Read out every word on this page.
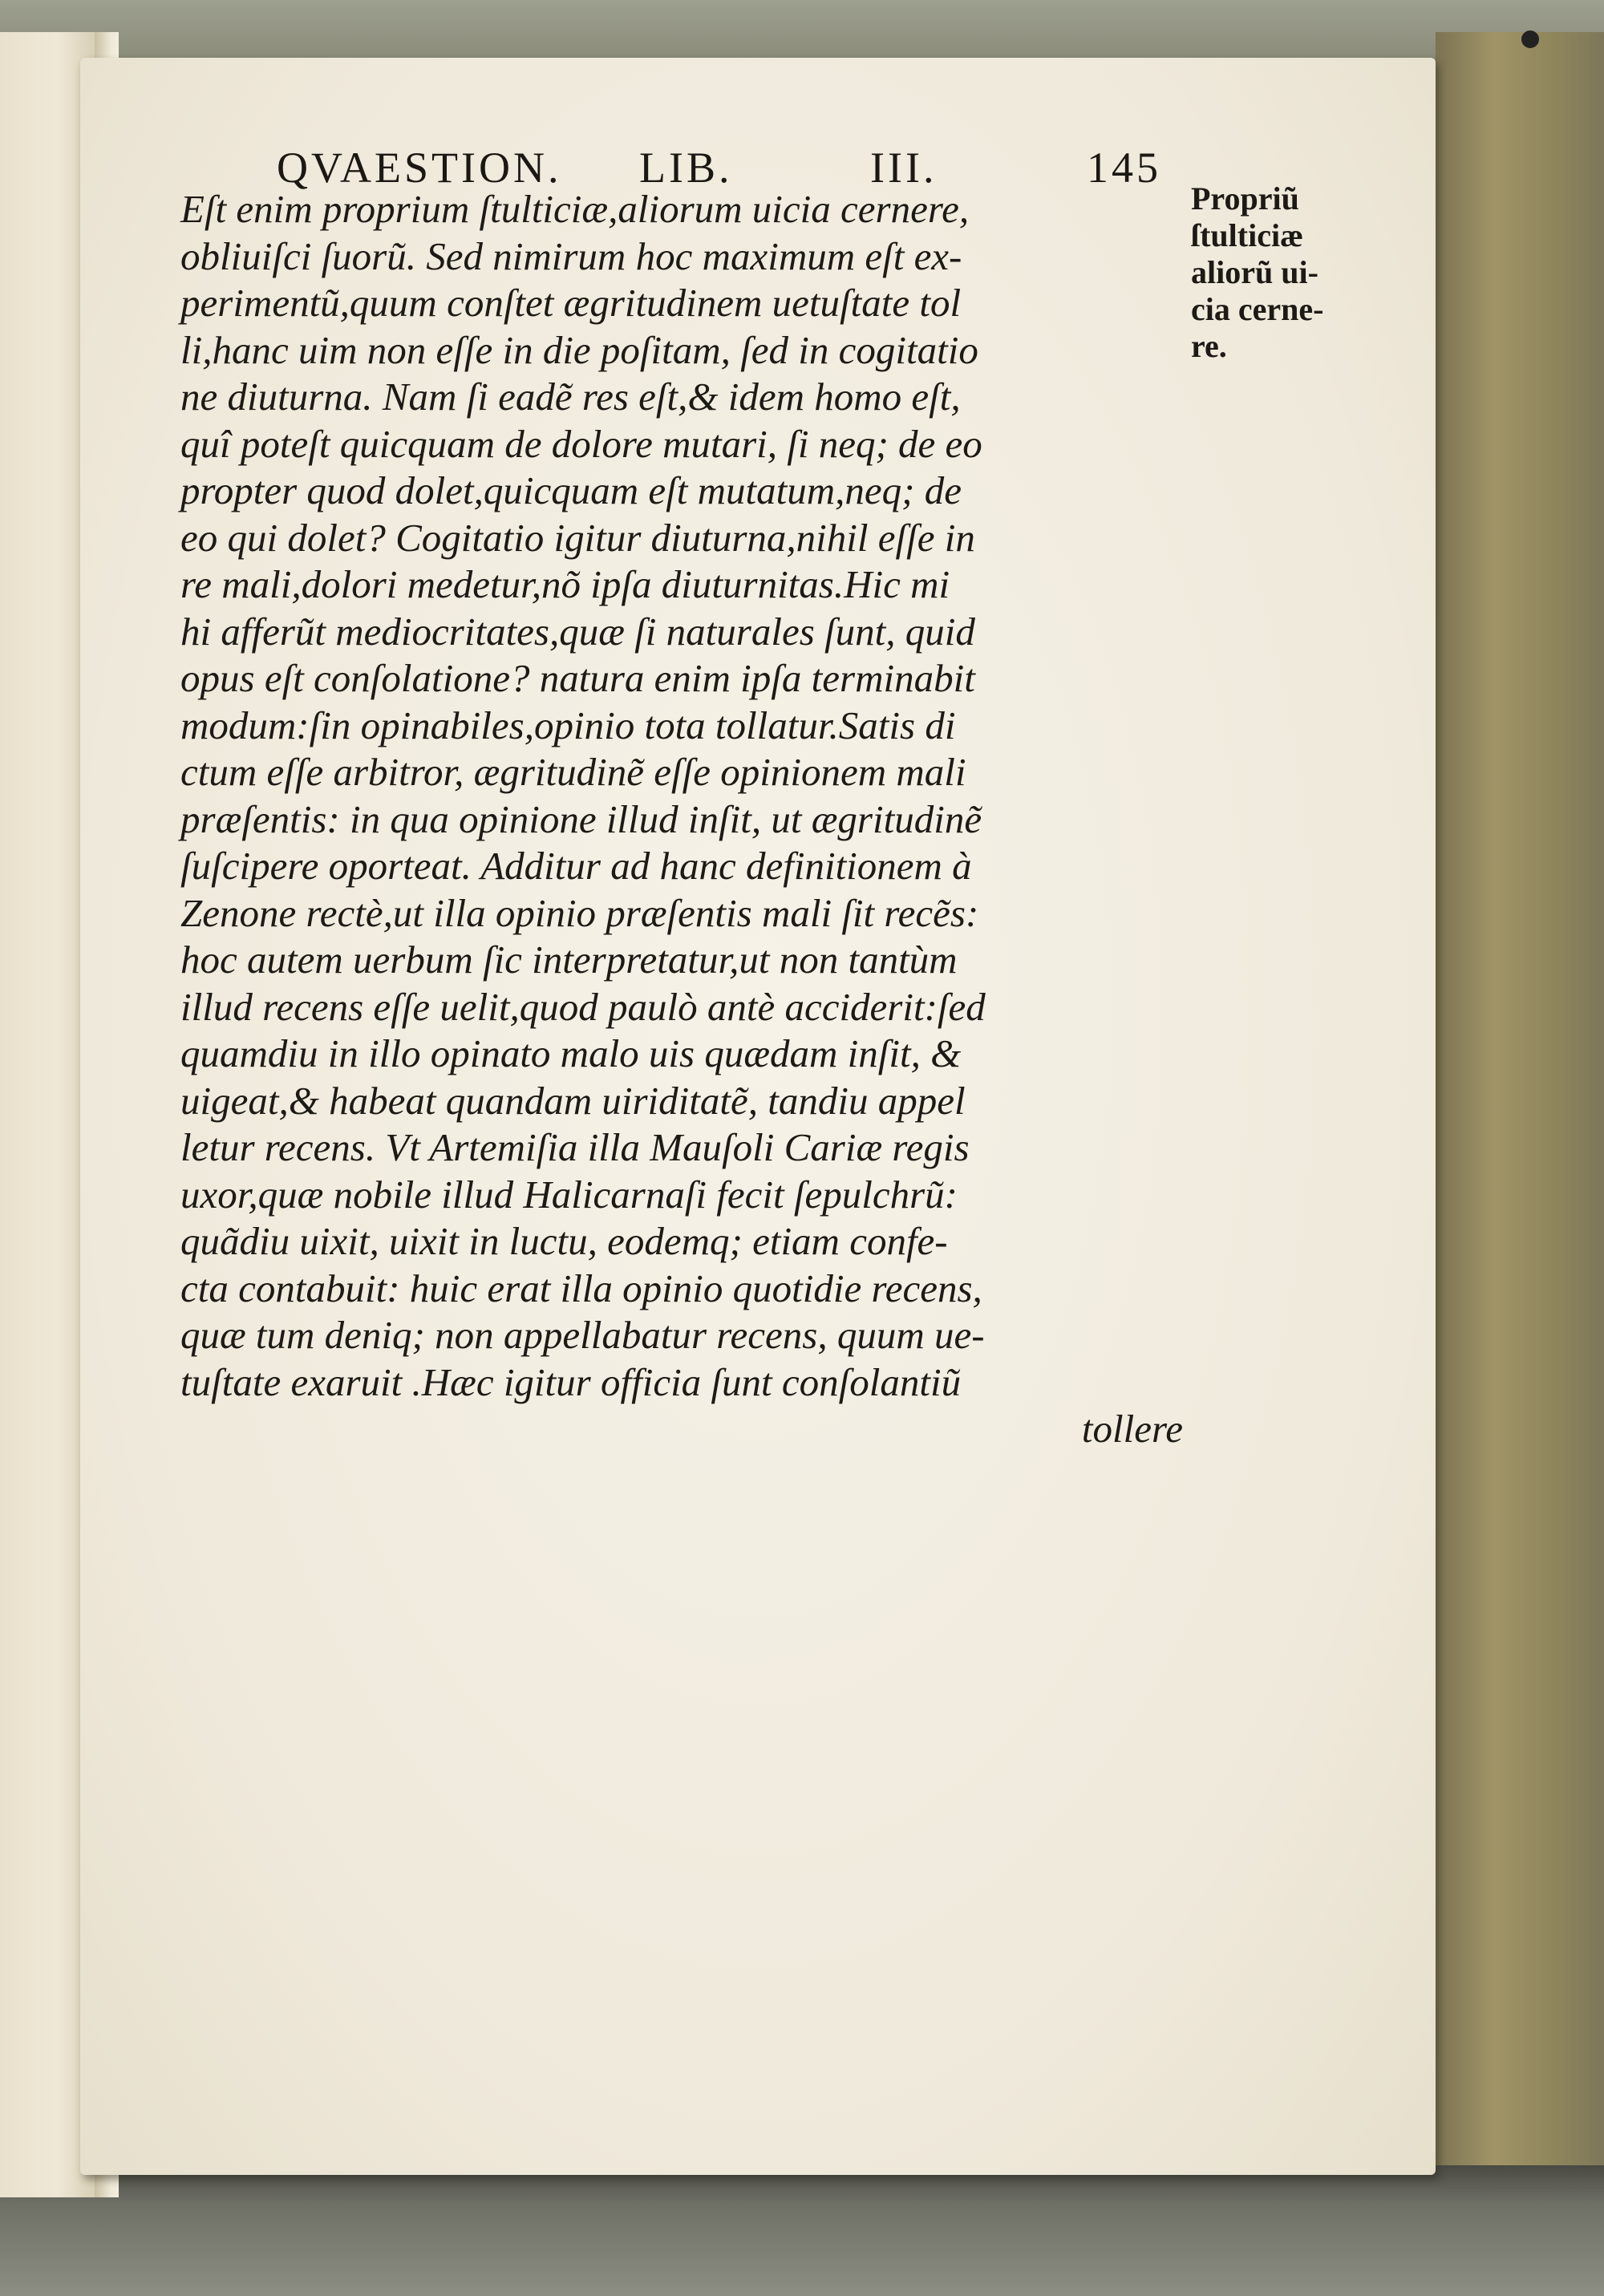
QVAESTION. LIB.	III.	145
Eſt enim proprium ſtulticiæ,aliorum uicia cernere,
obliuiſci ſuorũ. Sed nimirum hoc maximum eſt ex-
perimentũ,quum conſtet ægritudinem uetuſtate tol
li,hanc uim non eſſe in die poſitam, ſed in cogitatio
ne diuturna. Nam ſi eadẽ res eſt,& idem homo eſt,
quî poteſt quicquam de dolore mutari, ſi neq; de eo
propter quod dolet,quicquam eſt mutatum,neq; de
eo qui dolet? Cogitatio igitur diuturna,nihil eſſe in
re mali,dolori medetur,nõ ipſa diuturnitas.Hic mi
hi afferũt mediocritates,quæ ſi naturales ſunt, quid
opus eſt conſolatione? natura enim ipſa terminabit
modum:ſin opinabiles,opinio tota tollatur.Satis di
ctum eſſe arbitror, ægritudinẽ eſſe opinionem mali
præſentis: in qua opinione illud inſit, ut ægritudinẽ
ſuſcipere oporteat. Additur ad hanc definitionem à
Zenone rectè,ut illa opinio præſentis mali ſit recẽs:
hoc autem uerbum ſic interpretatur,ut non tantùm
illud recens eſſe uelit,quod paulò antè acciderit:ſed
quamdiu in illo opinato malo uis quædam inſit, &
uigeat,& habeat quandam uiriditatẽ, tandiu appel
letur recens. Vt Artemiſia illa Mauſoli Cariæ regis
uxor,quæ nobile illud Halicarnaſi fecit ſepulchrũ:
quãdiu uixit, uixit in luctu, eodemq; etiam confe-
cta contabuit: huic erat illa opinio quotidie recens,
quæ tum deniq; non appellabatur recens, quum ue-
tuſtate exaruit .Hæc igitur officia ſunt conſolantiũ
tollere
Propriũ
ſtulticiæ
aliorũ ui-
cia cerne-
re.
